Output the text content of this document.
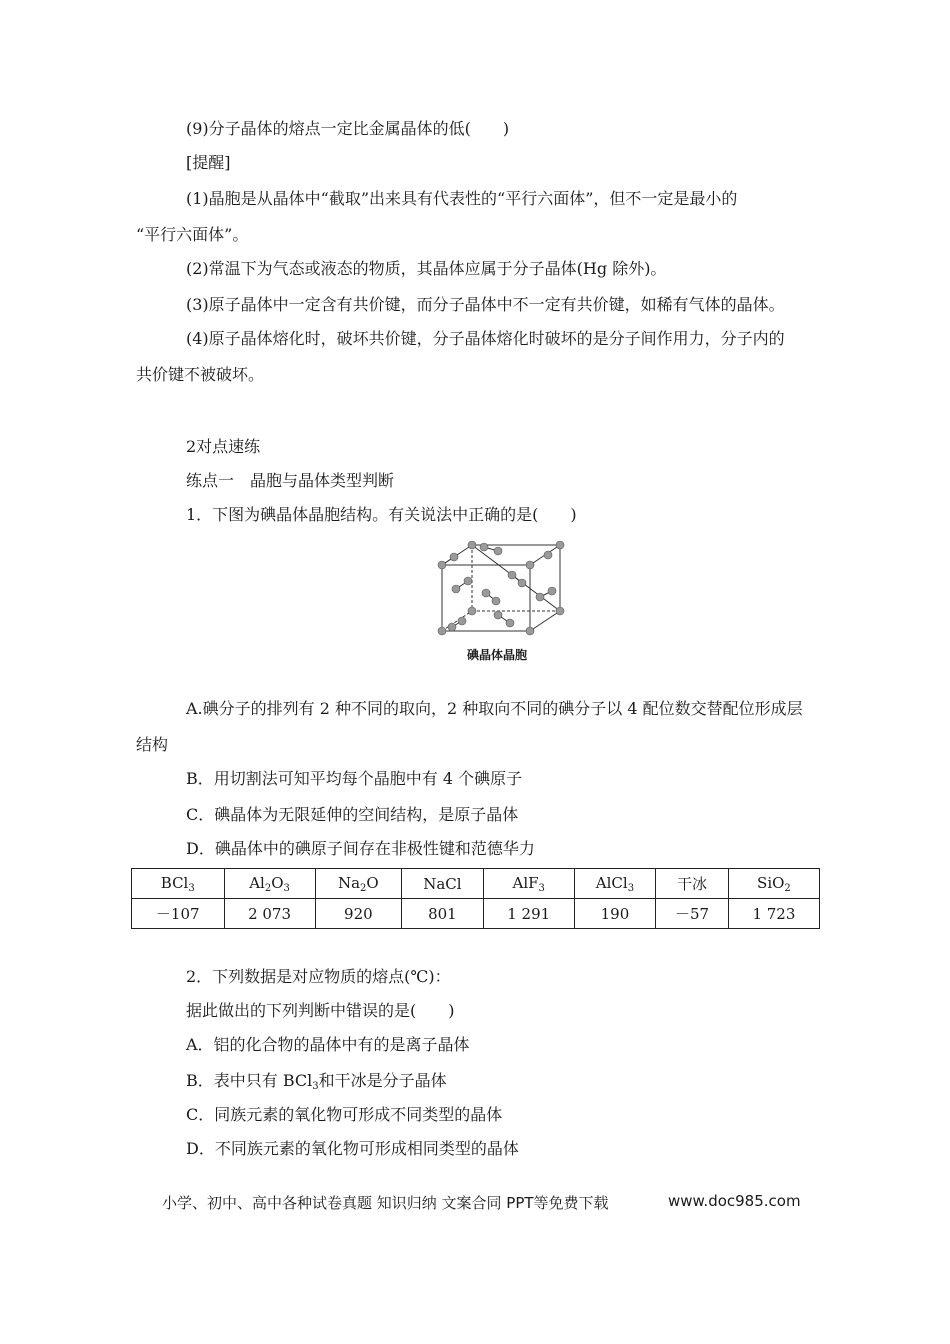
(9)分子晶体的熔点一定比金属晶体的低(　　)
[提醒]
(1)晶胞是从晶体中“截取”出来具有代表性的“平行六面体”，但不一定是最小的
“平行六面体”。
(2)常温下为气态或液态的物质，其晶体应属于分子晶体(Hg 除外)。
(3)原子晶体中一定含有共价键，而分子晶体中不一定有共价键，如稀有气体的晶体。
(4)原子晶体熔化时，破坏共价键，分子晶体熔化时破坏的是分子间作用力，分子内的
共价键不被破坏。
2对点速练
练点一　晶胞与晶体类型判断
1．下图为碘晶体晶胞结构。有关说法中正确的是(　　)
碘晶体晶胞
A.碘分子的排列有 2 种不同的取向，2 种取向不同的碘分子以 4 配位数交替配位形成层
结构
B．用切割法可知平均每个晶胞中有 4 个碘原子
C．碘晶体为无限延伸的空间结构，是原子晶体
D．碘晶体中的碘原子间存在非极性键和范德华力
BCl$_3$	$Al_2O_3$	$Na_2O$	NaCl	AlF$_3$	AlCl$_3$	干冰	SiO$_2$
－107	2 073	920	801	1 291	190	－57	1 723
2．下列数据是对应物质的熔点(℃)：
据此做出的下列判断中错误的是(　　)
A．铝的化合物的晶体中有的是离子晶体
B．表中只有 BCl$_3$和干冰是分子晶体
C．同族元素的氧化物可形成不同类型的晶体
D．不同族元素的氧化物可形成相同类型的晶体
小学、初中、高中各种试卷真题 知识归纳 文案合同 PPT等免费下载	www.doc985.com
